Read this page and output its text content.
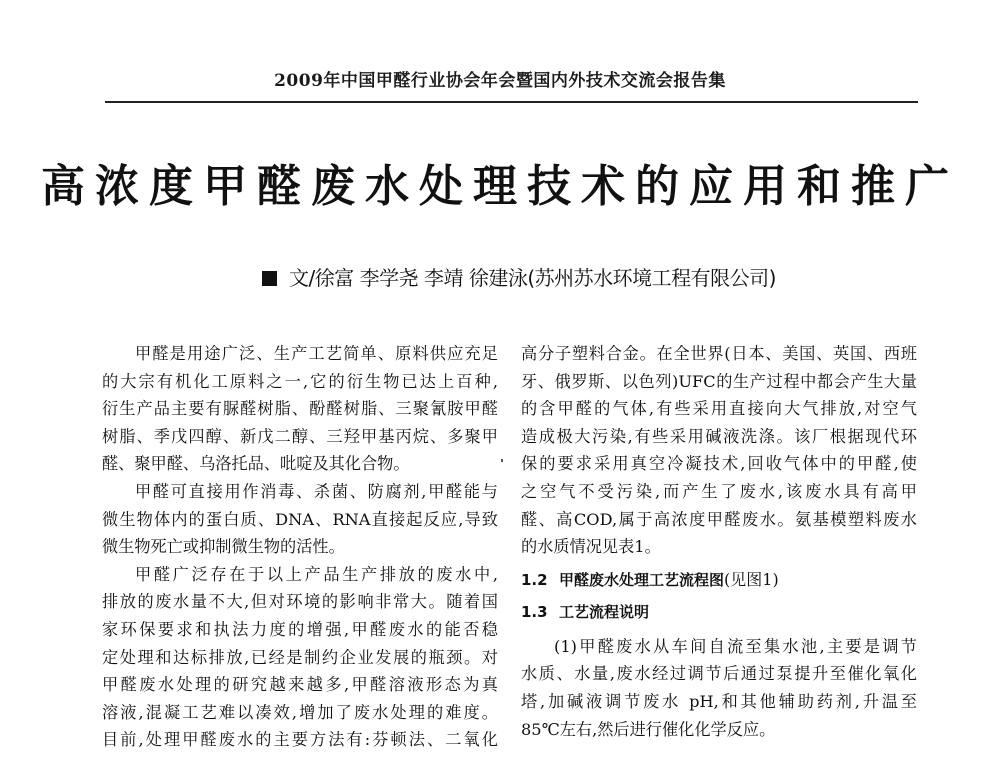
2009年中国甲醛行业协会年会暨国内外技术交流会报告集
高浓度甲醛废水处理技术的应用和推广
文/徐富 李学尧 李靖 徐建泳(苏州苏水环境工程有限公司)
甲醛是用途广泛、生产工艺简单、原料供应充足
的大宗有机化工原料之一,它的衍生物已达上百种,
衍生产品主要有脲醛树脂、酚醛树脂、三聚氰胺甲醛
树脂、季戊四醇、新戊二醇、三羟甲基丙烷、多聚甲
醛、聚甲醛、乌洛托品、吡啶及其化合物。
甲醛可直接用作消毒、杀菌、防腐剂,甲醛能与
微生物体内的蛋白质、DNA、RNA直接起反应,导致
微生物死亡或抑制微生物的活性。
甲醛广泛存在于以上产品生产排放的废水中,
排放的废水量不大,但对环境的影响非常大。随着国
家环保要求和执法力度的增强,甲醛废水的能否稳
定处理和达标排放,已经是制约企业发展的瓶颈。对
甲醛废水处理的研究越来越多,甲醛溶液形态为真
溶液,混凝工艺难以凑效,增加了废水处理的难度。
目前,处理甲醛废水的主要方法有:芬顿法、二氧化
高分子塑料合金。在全世界(日本、美国、英国、西班
牙、俄罗斯、以色列)UFC的生产过程中都会产生大量
的含甲醛的气体,有些采用直接向大气排放,对空气
造成极大污染,有些采用碱液洗涤。该厂根据现代环
保的要求采用真空冷凝技术,回收气体中的甲醛,使
之空气不受污染,而产生了废水,该废水具有高甲
醛、高COD,属于高浓度甲醛废水。氨基模塑料废水
的水质情况见表1。
1.2 甲醛废水处理工艺流程图(见图1)
1.3 工艺流程说明
(1)甲醛废水从车间自流至集水池,主要是调节
水质、水量,废水经过调节后通过泵提升至催化氧化
塔,加碱液调节废水 pH,和其他辅助药剂,升温至
85℃左右,然后进行催化化学反应。
